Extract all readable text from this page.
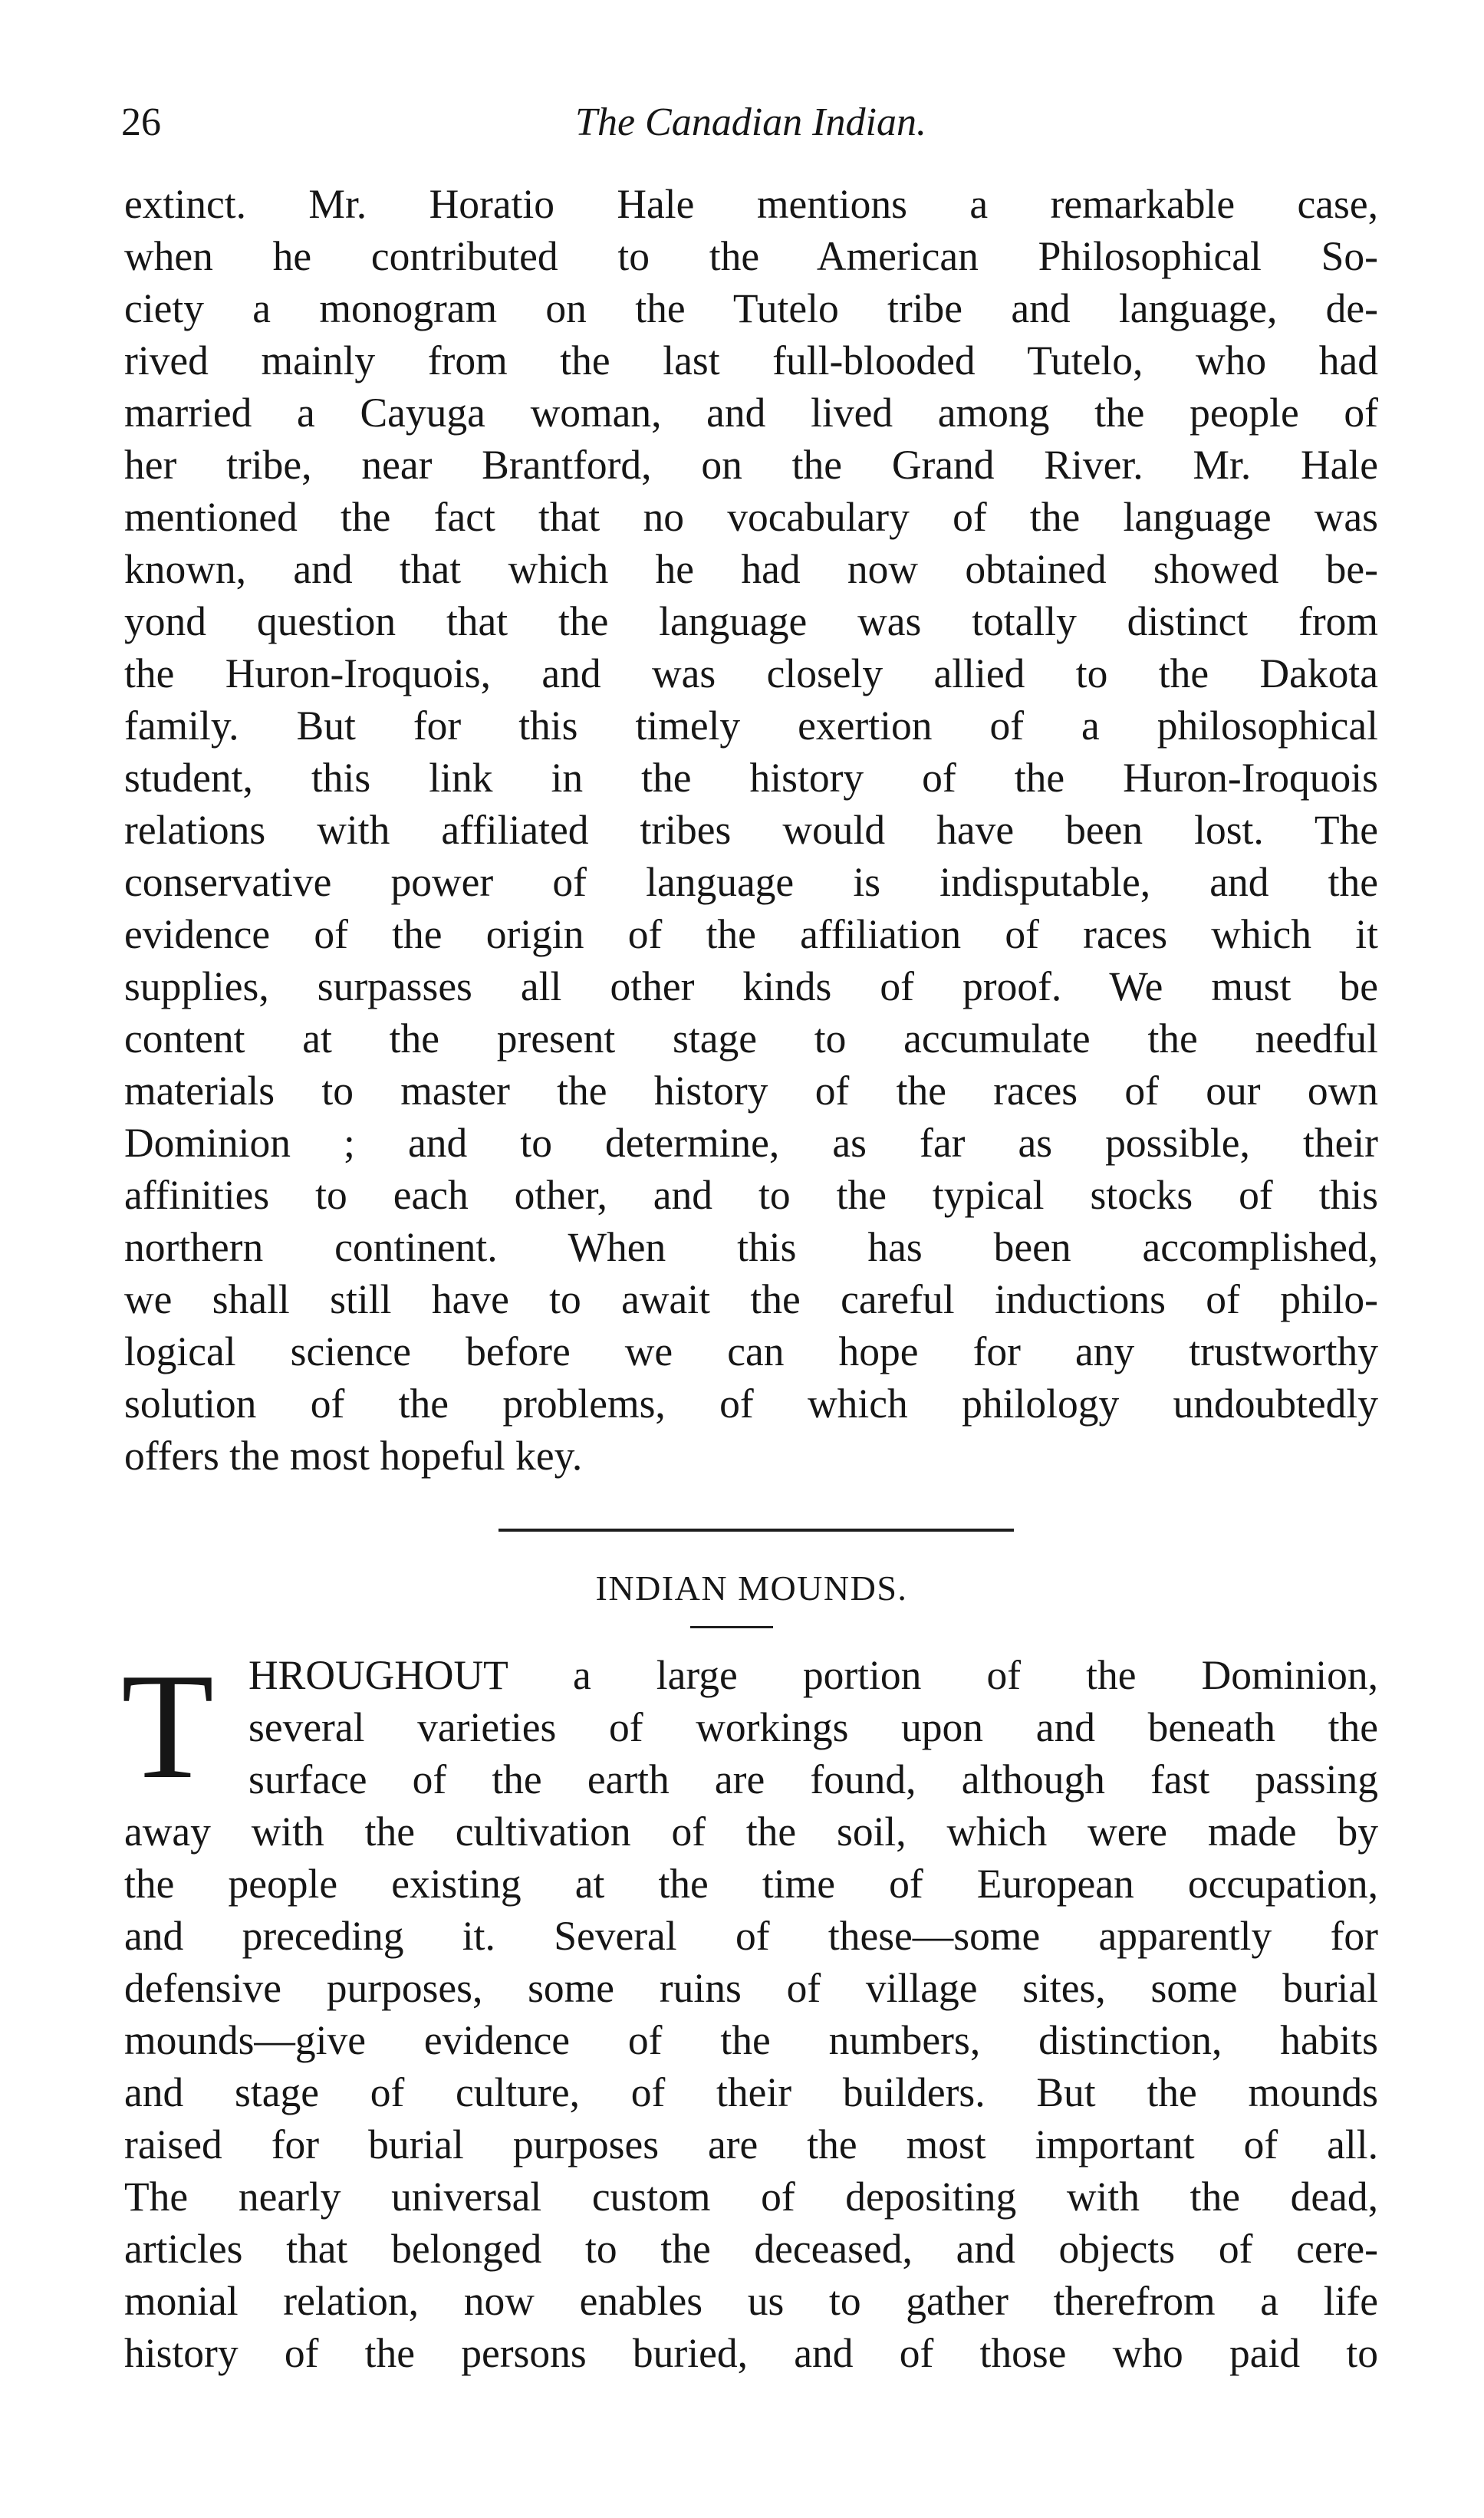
26	The Canadian Indian.
extinct. Mr. Horatio Hale mentions a remarkable case,
when he contributed to the American Philosophical So-
ciety a monogram on the Tutelo tribe and language, de-
rived mainly from the last full-blooded Tutelo, who had
married a Cayuga woman, and lived among the people of
her tribe, near Brantford, on the Grand River. Mr. Hale
mentioned the fact that no vocabulary of the language was
known, and that which he had now obtained showed be-
yond question that the language was totally distinct from
the Huron-Iroquois, and was closely allied to the Dakota
family. But for this timely exertion of a philosophical
student, this link in the history of the Huron-Iroquois
relations with affiliated tribes would have been lost. The
conservative power of language is indisputable, and the
evidence of the origin of the affiliation of races which it
supplies, surpasses all other kinds of proof. We must be
content at the present stage to accumulate the needful
materials to master the history of the races of our own
Dominion ; and to determine, as far as possible, their
affinities to each other, and to the typical stocks of this
northern continent. When this has been accomplished,
we shall still have to await the careful inductions of philo-
logical science before we can hope for any trustworthy
solution of the problems, of which philology undoubtedly
offers the most hopeful key.
INDIAN MOUNDS.
T HROUGHOUT a large portion of the Dominion,
several varieties of workings upon and beneath the
surface of the earth are found, although fast passing
away with the cultivation of the soil, which were made by
the people existing at the time of European occupation,
and preceding it. Several of these—some apparently for
defensive purposes, some ruins of village sites, some burial
mounds—give evidence of the numbers, distinction, habits
and stage of culture, of their builders. But the mounds
raised for burial purposes are the most important of all.
The nearly universal custom of depositing with the dead,
articles that belonged to the deceased, and objects of cere-
monial relation, now enables us to gather therefrom a life
history of the persons buried, and of those who paid to
